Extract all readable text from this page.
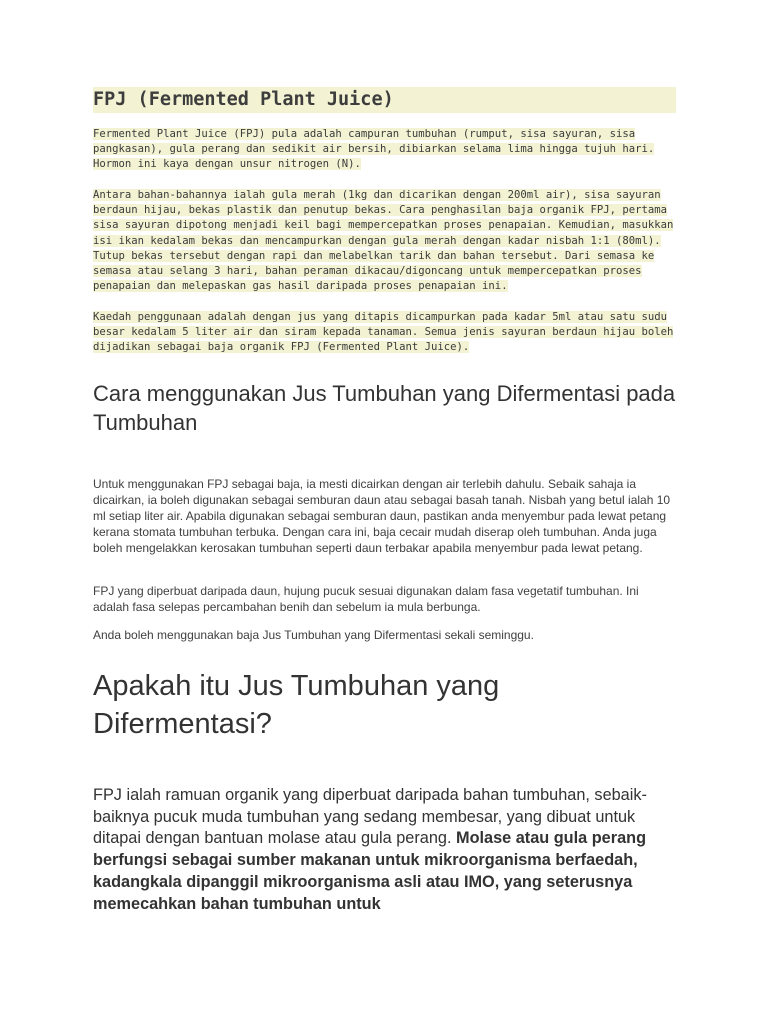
FPJ (Fermented Plant Juice)

Fermented Plant Juice (FPJ) pula adalah campuran tumbuhan (rumput, sisa sayuran, sisa pangkasan), gula perang dan sedikit air bersih, dibiarkan selama lima hingga tujuh hari. Hormon ini kaya dengan unsur nitrogen (N).

Antara bahan-bahannya ialah gula merah (1kg dan dicarikan dengan 200ml air), sisa sayuran berdaun hijau, bekas plastik dan penutup bekas. Cara penghasilan baja organik FPJ, pertama sisa sayuran dipotong menjadi keil bagi mempercepatkan proses penapaian. Kemudian, masukkan isi ikan kedalam bekas dan mencampurkan dengan gula merah dengan kadar nisbah 1:1 (80ml). Tutup bekas tersebut dengan rapi dan melabelkan tarik dan bahan tersebut. Dari semasa ke semasa atau selang 3 hari, bahan peraman dikacau/digoncang untuk mempercepatkan proses penapaian dan melepaskan gas hasil daripada proses penapaian ini.

Kaedah penggunaan adalah dengan jus yang ditapis dicampurkan pada kadar 5ml atau satu sudu besar kedalam 5 liter air dan siram kepada tanaman. Semua jenis sayuran berdaun hijau boleh dijadikan sebagai baja organik FPJ (Fermented Plant Juice).

Cara menggunakan Jus Tumbuhan yang Difermentasi pada Tumbuhan

Untuk menggunakan FPJ sebagai baja, ia mesti dicairkan dengan air terlebih dahulu. Sebaik sahaja ia dicairkan, ia boleh digunakan sebagai semburan daun atau sebagai basah tanah. Nisbah yang betul ialah 10 ml setiap liter air. Apabila digunakan sebagai semburan daun, pastikan anda menyembur pada lewat petang kerana stomata tumbuhan terbuka. Dengan cara ini, baja cecair mudah diserap oleh tumbuhan. Anda juga boleh mengelakkan kerosakan tumbuhan seperti daun terbakar apabila menyembur pada lewat petang.

FPJ yang diperbuat daripada daun, hujung pucuk sesuai digunakan dalam fasa vegetatif tumbuhan. Ini adalah fasa selepas percambahan benih dan sebelum ia mula berbunga.

Anda boleh menggunakan baja Jus Tumbuhan yang Difermentasi sekali seminggu.

Apakah itu Jus Tumbuhan yang Difermentasi?

FPJ ialah ramuan organik yang diperbuat daripada bahan tumbuhan, sebaik-baiknya pucuk muda tumbuhan yang sedang membesar, yang dibuat untuk ditapai dengan bantuan molase atau gula perang. Molase atau gula perang berfungsi sebagai sumber makanan untuk mikroorganisma berfaedah, kadangkala dipanggil mikroorganisma asli atau IMO, yang seterusnya memecahkan bahan tumbuhan untuk
